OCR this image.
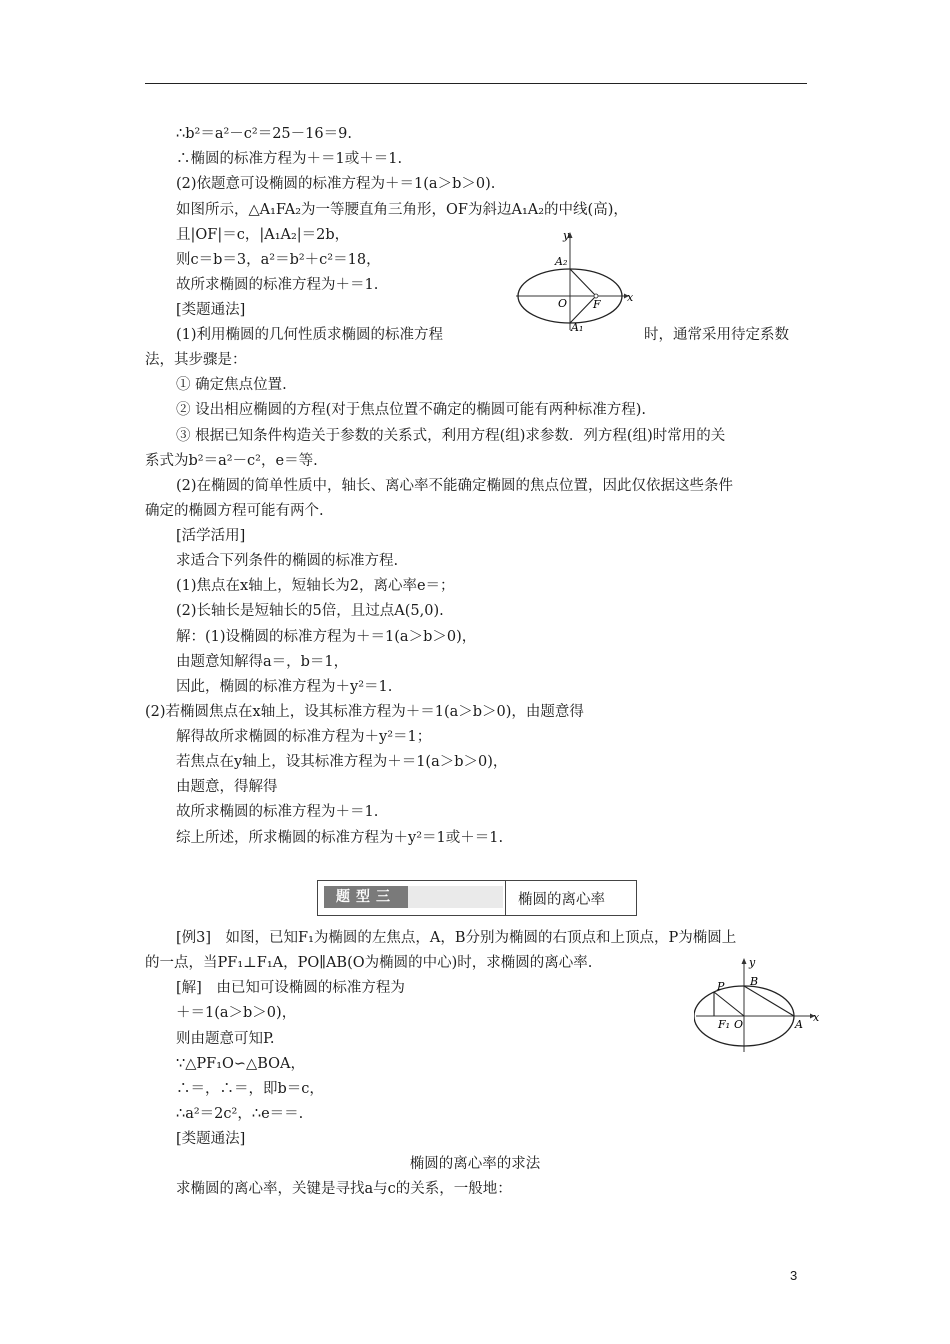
∴b²＝a²－c²＝25－16＝9.
∴椭圆的标准方程为＋＝1或＋＝1.
(2)依题意可设椭圆的标准方程为＋＝1(a＞b＞0).
如图所示，△A₁FA₂为一等腰直角三角形，OF为斜边A₁A₂的中线(高)，
且|OF|＝c，|A₁A₂|＝2b，
则c＝b＝3，a²＝b²＋c²＝18，
故所求椭圆的标准方程为＋＝1.
[类题通法]
(1)利用椭圆的几何性质求椭圆的标准方程	时，通常采用待定系数
法，其步骤是：
① 确定焦点位置.
② 设出相应椭圆的方程(对于焦点位置不确定的椭圆可能有两种标准方程).
③ 根据已知条件构造关于参数的关系式，利用方程(组)求参数．列方程(组)时常用的关
系式为b²＝a²－c²，e＝等.
(2)在椭圆的简单性质中，轴长、离心率不能确定椭圆的焦点位置，因此仅依据这些条件
确定的椭圆方程可能有两个.
[活学活用]
求适合下列条件的椭圆的标准方程.
(1)焦点在x轴上，短轴长为2，离心率e＝；
(2)长轴长是短轴长的5倍，且过点A(5,0).
解：(1)设椭圆的标准方程为＋＝1(a＞b＞0)，
由题意知解得a＝，b＝1，
因此，椭圆的标准方程为＋y²＝1.
(2)若椭圆焦点在x轴上，设其标准方程为＋＝1(a＞b＞0)，由题意得
解得故所求椭圆的标准方程为＋y²＝1；
若焦点在y轴上，设其标准方程为＋＝1(a＞b＞0)，
由题意，得解得
故所求椭圆的标准方程为＋＝1.
综上所述，所求椭圆的标准方程为＋y²＝1或＋＝1.
题型三	椭圆的离心率
[例3]　如图，已知F₁为椭圆的左焦点，A，B分别为椭圆的右顶点和上顶点，P为椭圆上
的一点，当PF₁⊥F₁A，PO∥AB(O为椭圆的中心)时，求椭圆的离心率.
[解]　由已知可设椭圆的标准方程为
＋＝1(a＞b＞0)，
则由题意可知P.
∵△PF₁O∽△BOA，
∴＝，∴＝，即b＝c，
∴a²＝2c²，∴e＝＝.
[类题通法]
椭圆的离心率的求法
求椭圆的离心率，关键是寻找a与c的关系，一般地：
y
x
A₂
A₁
O F
y
x
P B
F₁ O	A
3
